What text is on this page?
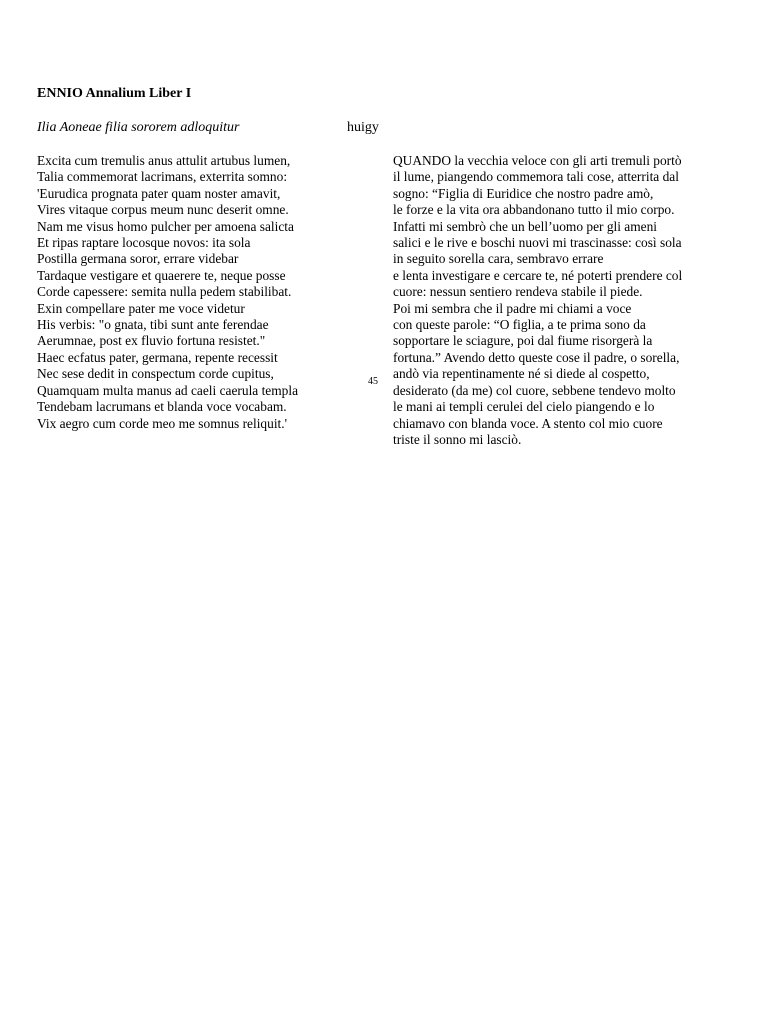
ENNIO Annalium Liber I
Ilia Aoneae filia sororem adloquitur	huigy
Excita cum tremulis anus attulit artubus lumen,
Talia commemorat lacrimans, exterrita somno:
'Eurudica prognata pater quam noster amavit,
Vires vitaque corpus meum nunc deserit omne.
Nam me visus homo pulcher per amoena salicta
Et ripas raptare locosque novos: ita sola
Postilla germana soror, errare videbar
Tardaque vestigare et quaerere te, neque posse
Corde capessere: semita nulla pedem stabilibat.
Exin compellare pater me voce videtur
His verbis: "o gnata, tibi sunt ante ferendae
Aerumnae, post ex fluvio fortuna resistet."
Haec ecfatus pater, germana, repente recessit
Nec sese dedit in conspectum corde cupitus,
Quamquam multa manus ad caeli caerula templa
Tendebam lacrumans et blanda voce vocabam.
Vix aegro cum corde meo me somnus reliquit.'
45
QUANDO la vecchia veloce con gli arti tremuli portò
il lume, piangendo commemora tali cose, atterrita dal
sogno: “Figlia di Euridice che nostro padre amò,
le forze e la vita ora abbandonano tutto il mio corpo.
Infatti mi sembrò che un bell’uomo per gli ameni
salici e le rive e boschi nuovi mi trascinasse: così sola
in seguito sorella cara, sembravo errare
e lenta investigare e cercare te, né poterti prendere col
cuore: nessun sentiero rendeva stabile il piede.
Poi mi sembra che il padre mi chiami a voce
con queste parole: “O figlia, a te prima sono da
sopportare le sciagure, poi dal fiume risorgerà la
fortuna.” Avendo detto queste cose il padre, o sorella,
andò via repentinamente né si diede al cospetto,
desiderato (da me) col cuore, sebbene tendevo molto
le mani ai templi cerulei del cielo piangendo e lo
chiamavo con blanda voce. A stento col mio cuore
triste il sonno mi lasciò.
